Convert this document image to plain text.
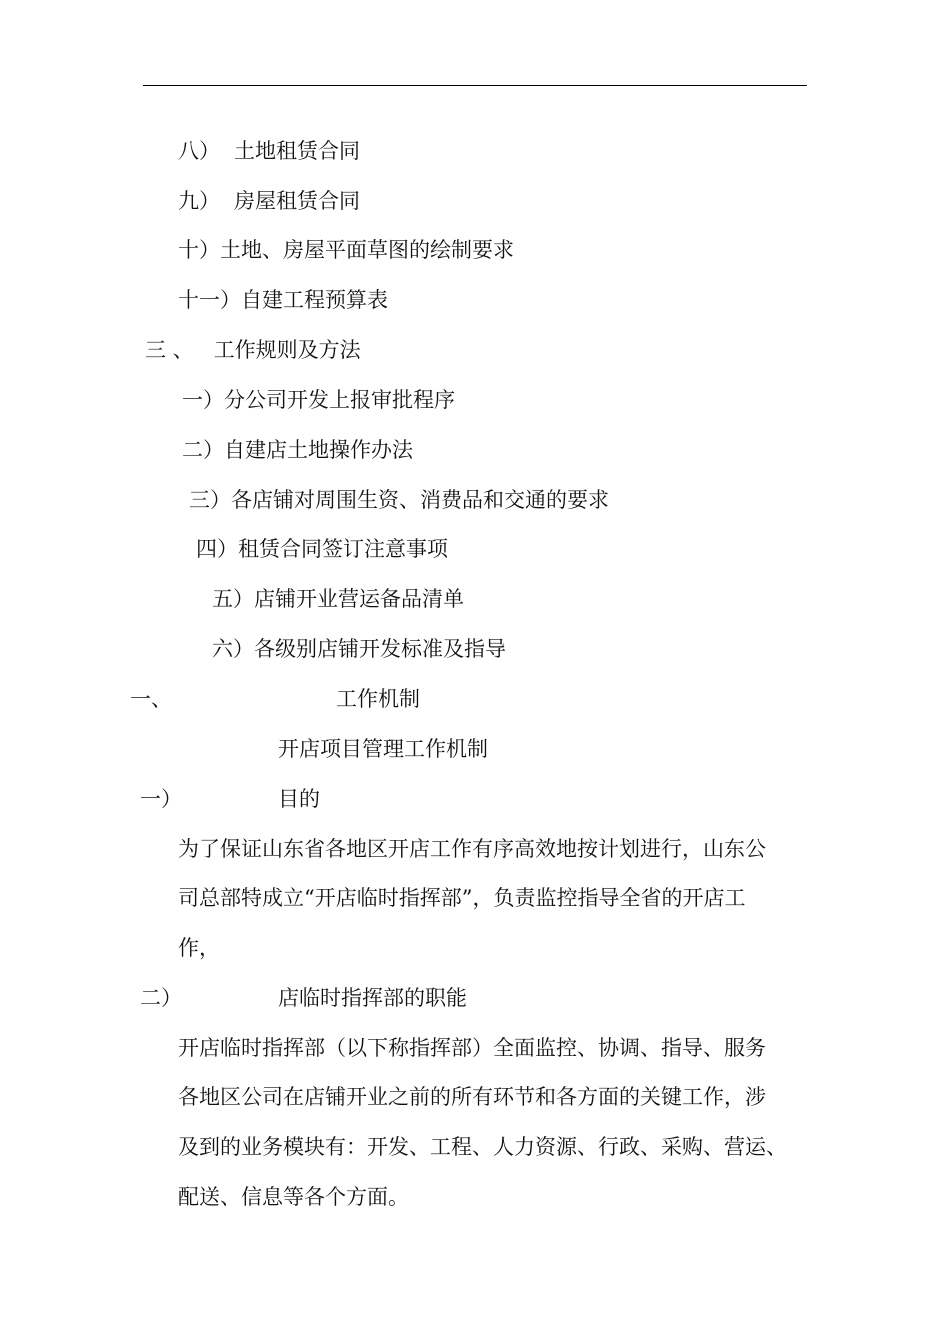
八） 土地租赁合同
九） 房屋租赁合同
十）土地、房屋平面草图的绘制要求
十一）自建工程预算表
三 、 工作规则及方法
一）分公司开发上报审批程序
二）自建店土地操作办法
三）各店铺对周围生资、消费品和交通的要求
四）租赁合同签订注意事项
五）店铺开业营运备品清单
六）各级别店铺开发标准及指导
一、	工作机制
开店项目管理工作机制
一）	目的
为了保证山东省各地区开店工作有序高效地按计划进行，山东公
司总部特成立“开店临时指挥部”，负责监控指导全省的开店工
作，
二）	店临时指挥部的职能
开店临时指挥部（以下称指挥部）全面监控、协调、指导、服务
各地区公司在店铺开业之前的所有环节和各方面的关键工作，涉
及到的业务模块有：开发、工程、人力资源、行政、采购、营运、
配送、信息等各个方面。
